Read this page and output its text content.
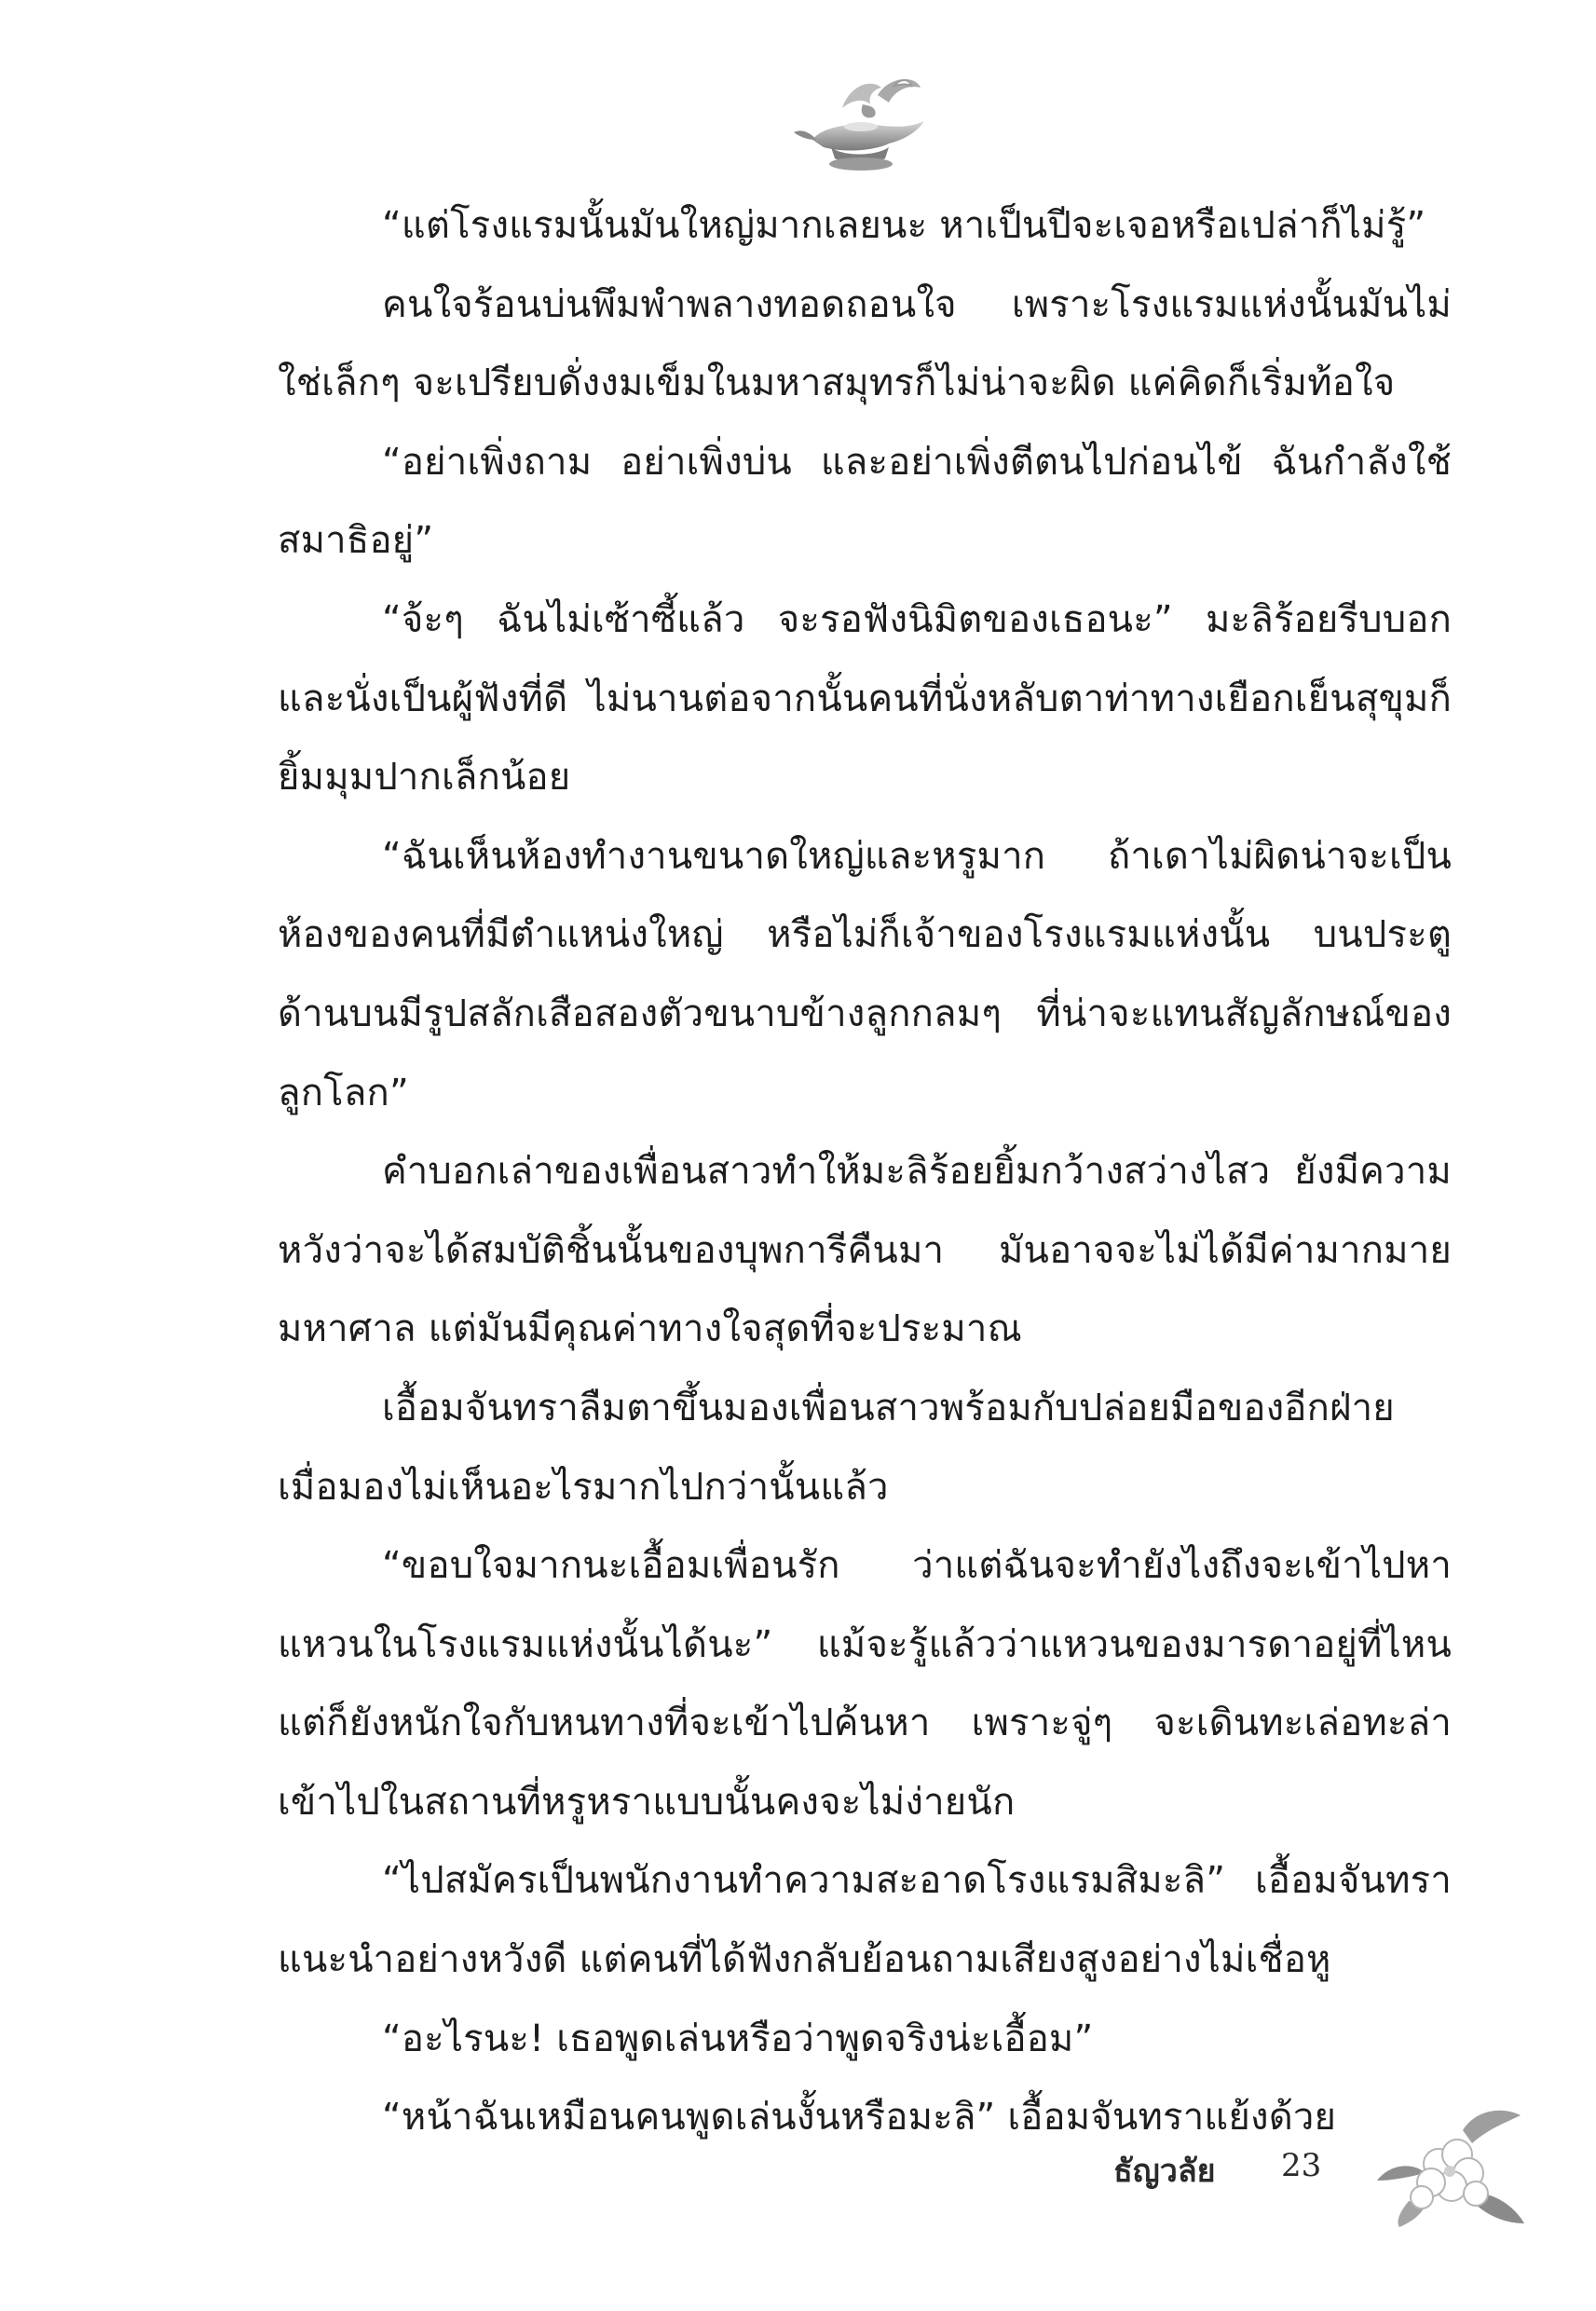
“แต่โรงแรมนั้นมันใหญ่มากเลยนะ หาเป็นปีจะเจอหรือเปล่าก็ไม่รู้”

คนใจร้อนบ่นพึมพำพลางทอดถอนใจ เพราะโรงแรมแห่งนั้นมันไม่ใช่เล็กๆ จะเปรียบดั่งงมเข็มในมหาสมุทรก็ไม่น่าจะผิด แค่คิดก็เริ่มท้อใจ

“อย่าเพิ่งถาม อย่าเพิ่งบ่น และอย่าเพิ่งตีตนไปก่อนไข้ ฉันกำลังใช้สมาธิอยู่”

“จ้ะๆ ฉันไม่เซ้าซี้แล้ว จะรอฟังนิมิตของเธอนะ” มะลิร้อยรีบบอกและนั่งเป็นผู้ฟังที่ดี ไม่นานต่อจากนั้นคนที่นั่งหลับตาท่าทางเยือกเย็นสุขุมก็ยิ้มมุมปากเล็กน้อย

“ฉันเห็นห้องทำงานขนาดใหญ่และหรูมาก ถ้าเดาไม่ผิดน่าจะเป็นห้องของคนที่มีตำแหน่งใหญ่ หรือไม่ก็เจ้าของโรงแรมแห่งนั้น บนประตูด้านบนมีรูปสลักเสือสองตัวขนาบข้างลูกกลมๆ ที่น่าจะแทนสัญลักษณ์ของลูกโลก”

คำบอกเล่าของเพื่อนสาวทำให้มะลิร้อยยิ้มกว้างสว่างไสว ยังมีความหวังว่าจะได้สมบัติชิ้นนั้นของบุพการีคืนมา มันอาจจะไม่ได้มีค่ามากมายมหาศาล แต่มันมีคุณค่าทางใจสุดที่จะประมาณ

เอื้อมจันทราลืมตาขึ้นมองเพื่อนสาวพร้อมกับปล่อยมือของอีกฝ่ายเมื่อมองไม่เห็นอะไรมากไปกว่านั้นแล้ว

“ขอบใจมากนะเอื้อมเพื่อนรัก ว่าแต่ฉันจะทำยังไงถึงจะเข้าไปหาแหวนในโรงแรมแห่งนั้นได้นะ” แม้จะรู้แล้วว่าแหวนของมารดาอยู่ที่ไหนแต่ก็ยังหนักใจกับหนทางที่จะเข้าไปค้นหา เพราะจู่ๆ จะเดินทะเล่อทะล่าเข้าไปในสถานที่หรูหราแบบนั้นคงจะไม่ง่ายนัก

“ไปสมัครเป็นพนักงานทำความสะอาดโรงแรมสิมะลิ” เอื้อมจันทราแนะนำอย่างหวังดี แต่คนที่ได้ฟังกลับย้อนถามเสียงสูงอย่างไม่เชื่อหู

“อะไรนะ! เธอพูดเล่นหรือว่าพูดจริงน่ะเอื้อม”

“หน้าฉันเหมือนคนพูดเล่นงั้นหรือมะลิ” เอื้อมจันทราแย้งด้วย

ธัญวลัย 23
